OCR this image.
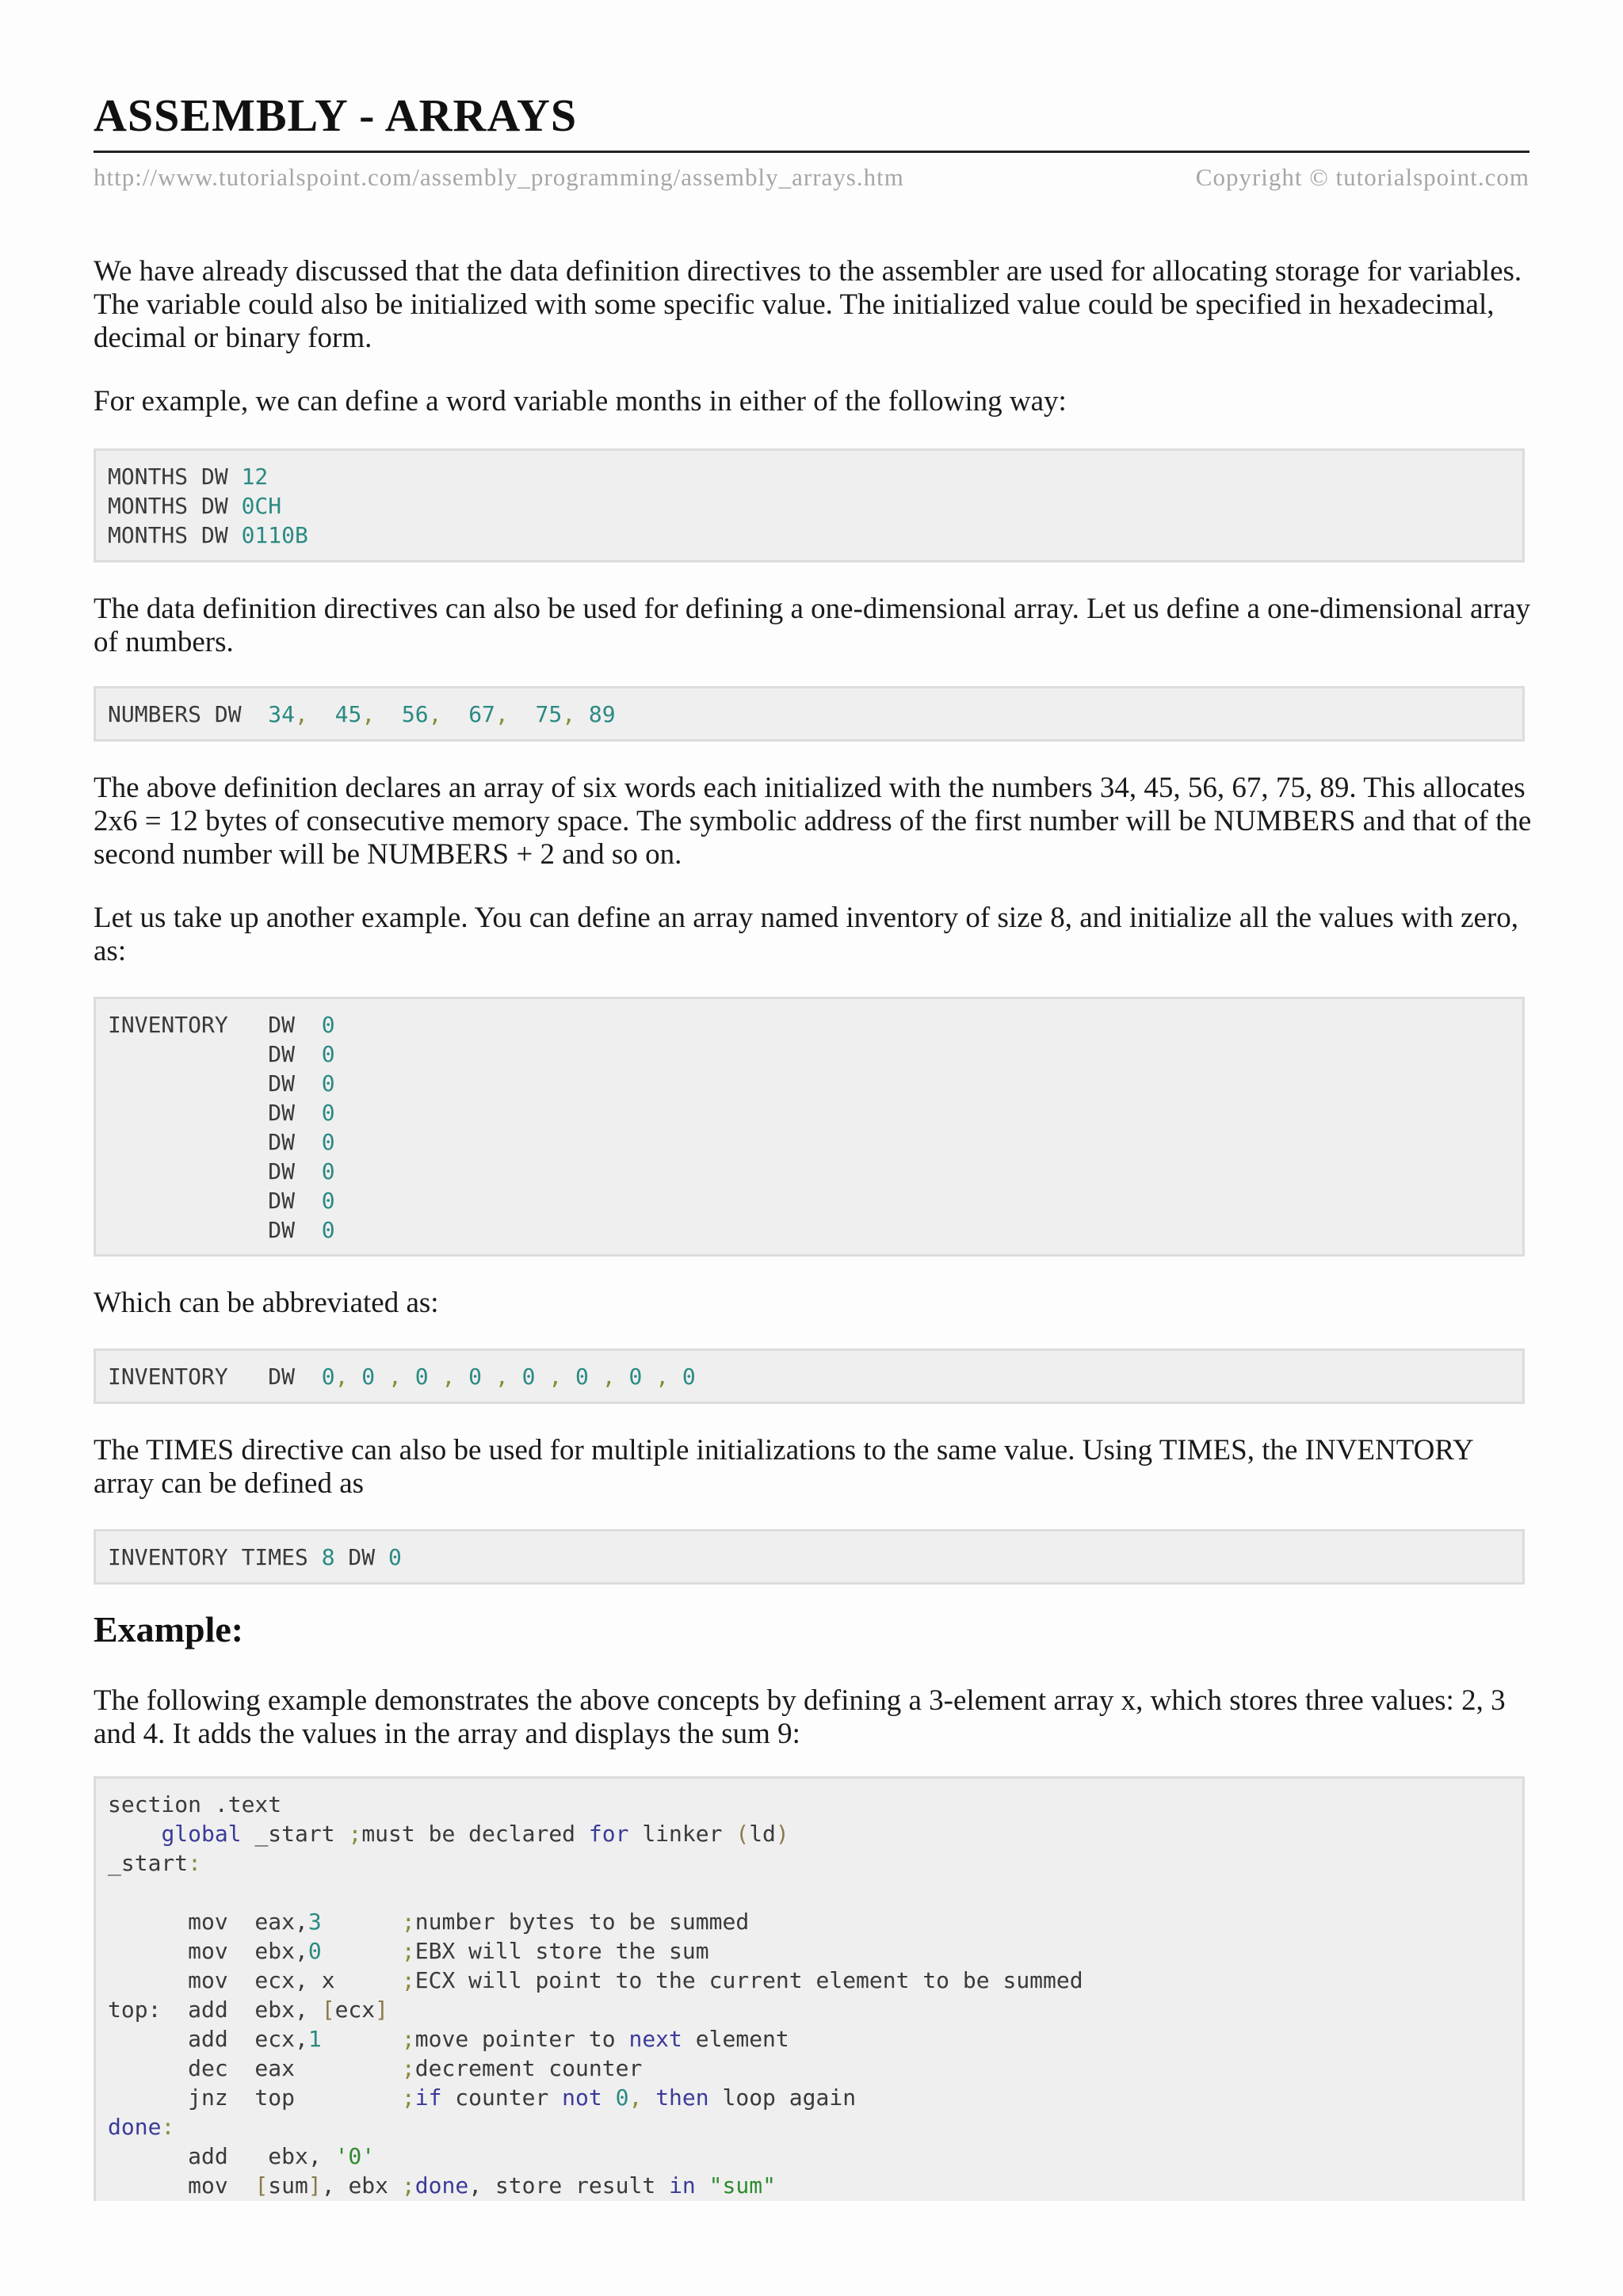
ASSEMBLY - ARRAYS
http://www.tutorialspoint.com/assembly_programming/assembly_arrays.htm	Copyright © tutorialspoint.com

We have already discussed that the data definition directives to the assembler are used for allocating storage for variables. The variable could also be initialized with some specific value. The initialized value could be specified in hexadecimal, decimal or binary form.

For example, we can define a word variable months in either of the following way:

MONTHS DW 12
MONTHS DW 0CH
MONTHS DW 0110B

The data definition directives can also be used for defining a one-dimensional array. Let us define a one-dimensional array of numbers.

NUMBERS DW  34,  45,  56,  67,  75, 89

The above definition declares an array of six words each initialized with the numbers 34, 45, 56, 67, 75, 89. This allocates 2x6 = 12 bytes of consecutive memory space. The symbolic address of the first number will be NUMBERS and that of the second number will be NUMBERS + 2 and so on.

Let us take up another example. You can define an array named inventory of size 8, and initialize all the values with zero, as:

INVENTORY   DW  0
DW  0
DW  0
DW  0
DW  0
DW  0
DW  0
DW  0

Which can be abbreviated as:

INVENTORY   DW  0, 0 , 0 , 0 , 0 , 0 , 0 , 0

The TIMES directive can also be used for multiple initializations to the same value. Using TIMES, the INVENTORY array can be defined as

INVENTORY TIMES 8 DW 0
Example:

The following example demonstrates the above concepts by defining a 3-element array x, which stores three values: 2, 3 and 4. It adds the values in the array and displays the sum 9:

section .text
global _start ;must be declared for linker (ld)
_start:
mov  eax,3	;number bytes to be summed
mov  ebx,0	;EBX will store the sum
mov  ecx, x     ;ECX will point to the current element to be summed
top:  add  ebx, [ecx]
add  ecx,1	;move pointer to next element
dec  eax        ;decrement counter
jnz  top        ;if counter not 0, then loop again
done:
add   ebx, '0'
mov  [sum], ebx ;done, store result in "sum"
